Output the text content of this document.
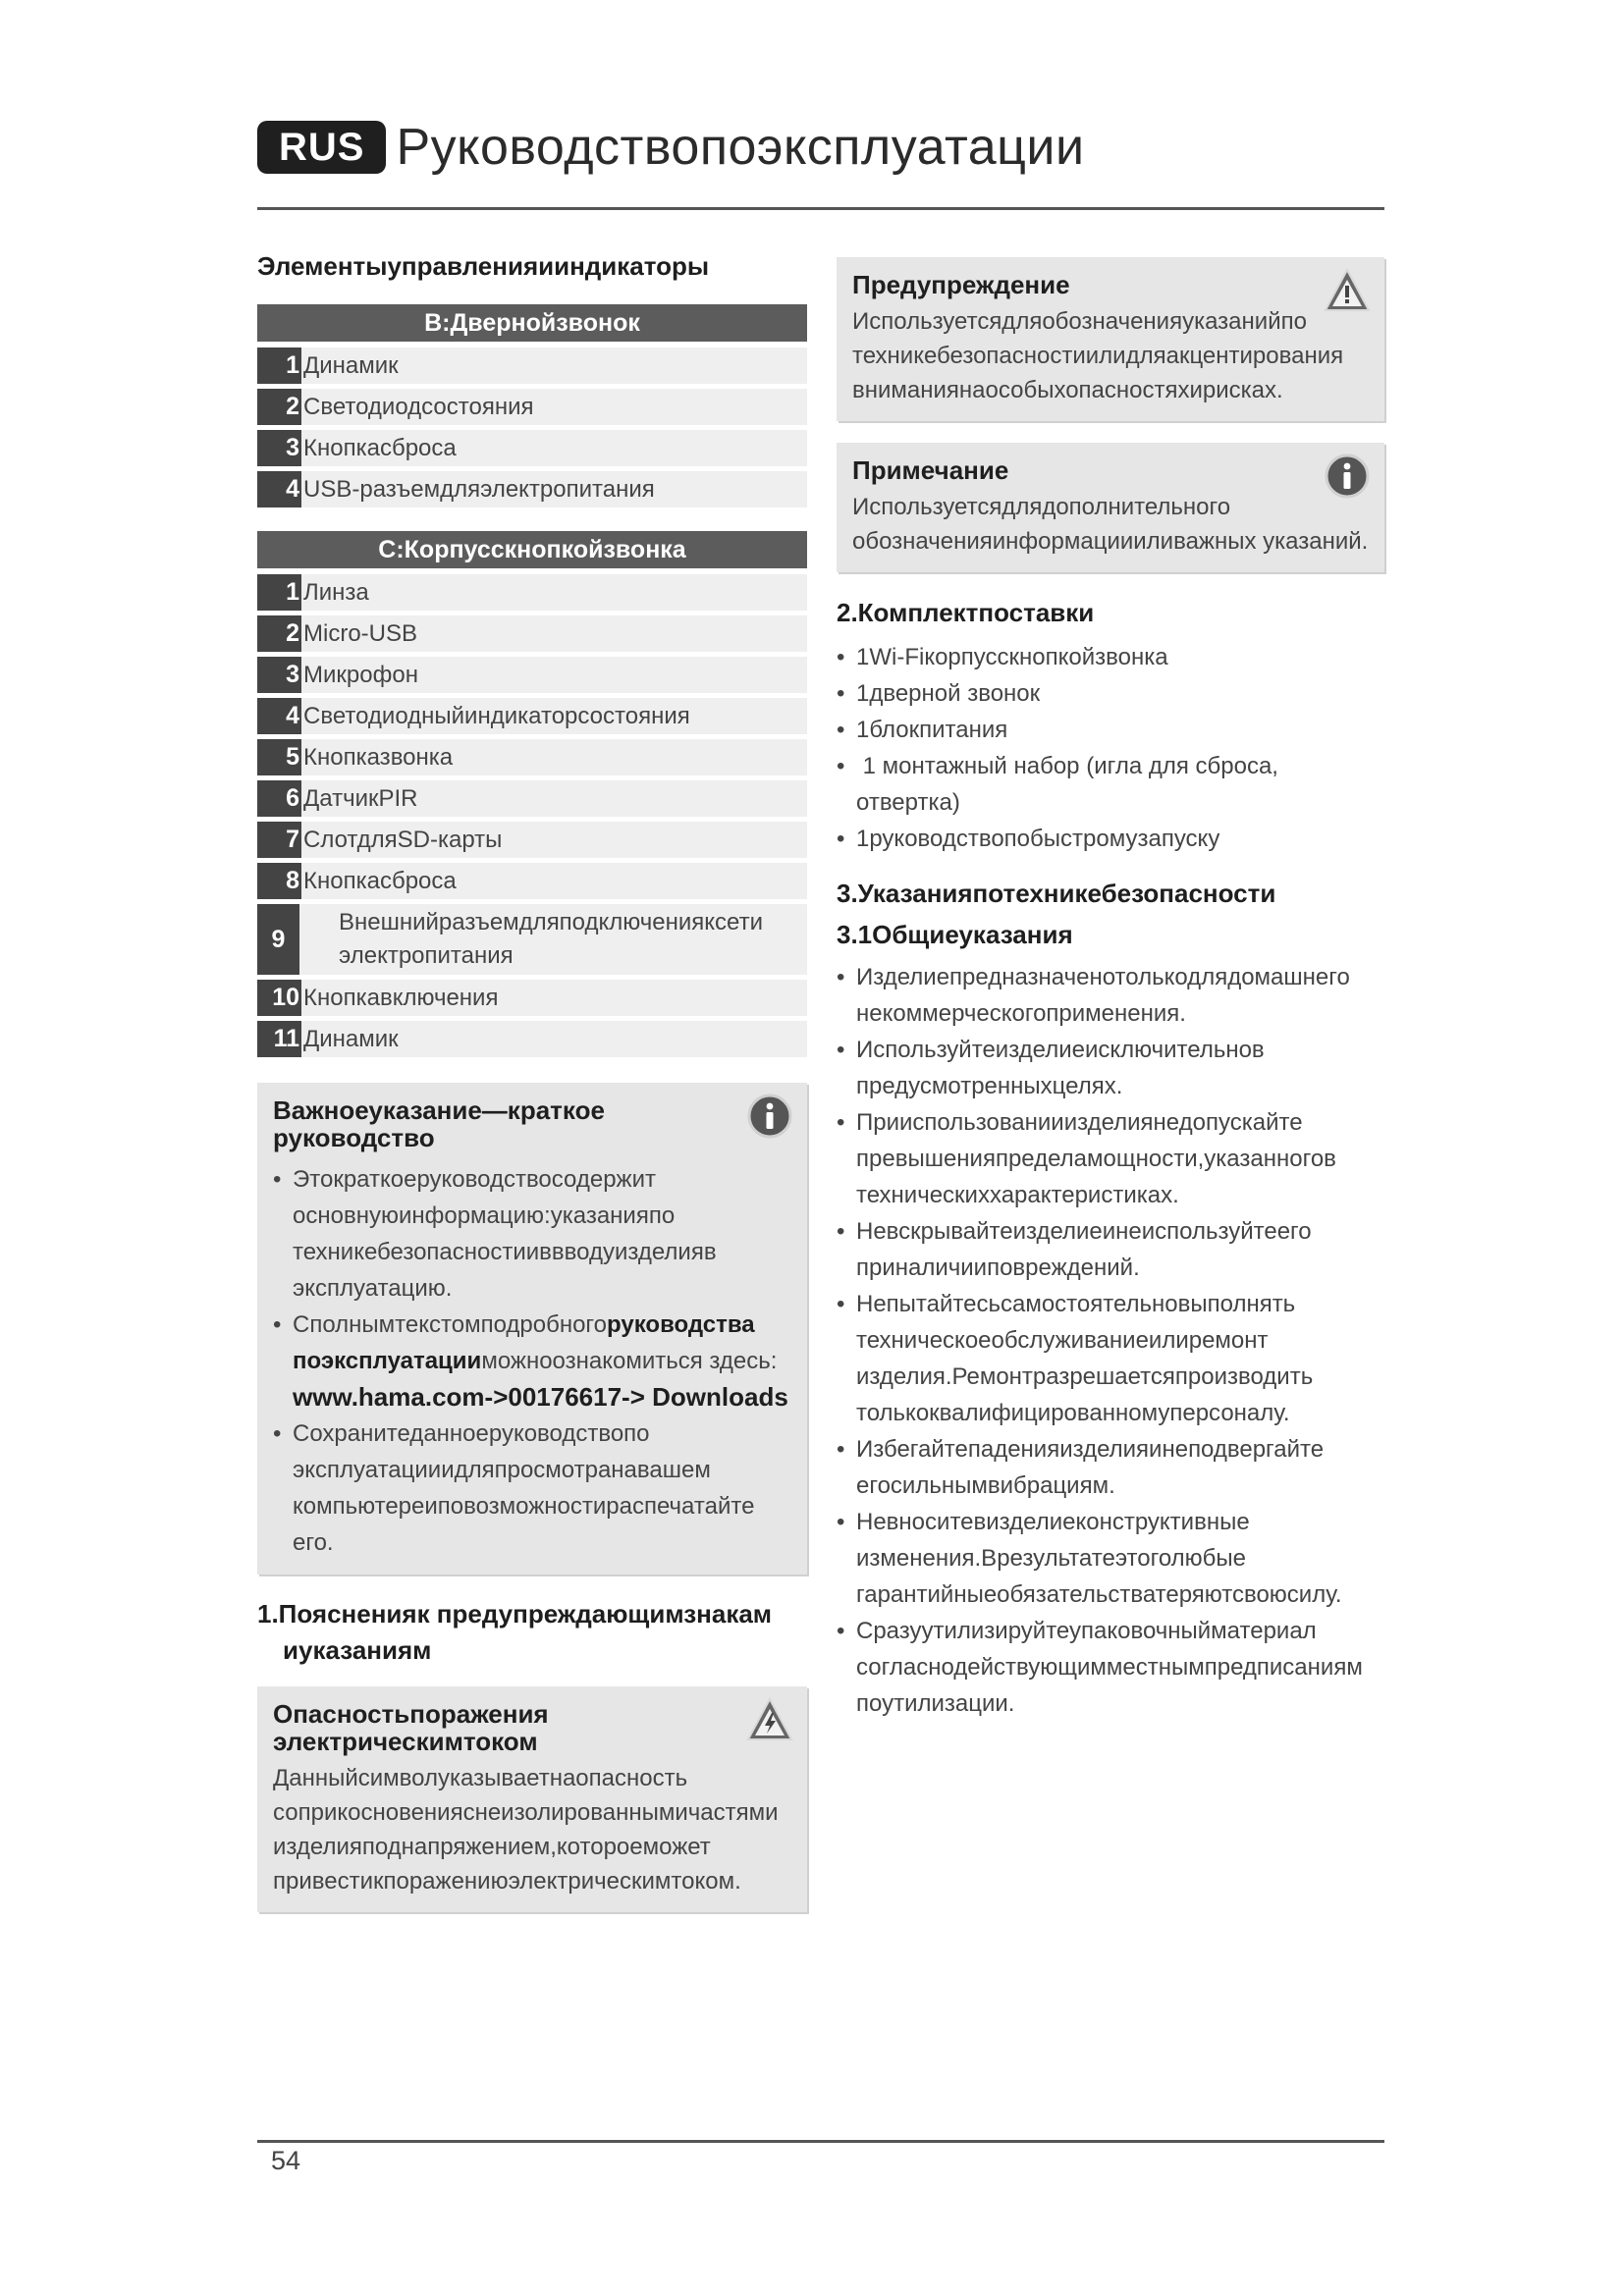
RUS Руководствопоэксплуатации
Элементыуправленияииндикаторы
B:Двернойзвонок
1 Динамик
2 Светодиодсостояния
3 Кнопкасброса
4 USB-разъемдляэлектропитания
C:Корпусскнопкойзвонка
1 Линза
2 Micro-USB
3 Микрофон
4 Светодиодныйиндикаторсостояния
5 Кнопказвонка
6 ДатчикPIR
7 СлотдляSD-карты
8 Кнопкасброса
9
Внешнийразъемдляподключенияксети электропитания
10 Кнопкавключения
11 Динамик
Важноеуказание—краткое руководство
• Этократкоеруководствосодержит основнуюинформацию:указанияпо техникебезопасностииввводуизделияв эксплуатацию.
• Сполнымтекстомподробногоруководства поэксплуатацииможноознакомиться здесь:
www.hama.com->00176617-> Downloads
• Сохранитеданноеруководствопо эксплуатацииидляпросмотранавашем компьютереиповозможностираспечатайте его.
1.Поясненияк предупреждающимзнакам иуказаниям
Опасностьпоражения электрическимтоком
Данныйсимволуказываетнаопасность соприкосновенияснеизолированнымичастями изделияподнапряжением,котороеможет привестикпоражениюэлектрическимтоком.
Предупреждение
Используетсядляобозначенияуказанийпо техникебезопасностиилидляакцентирования вниманиянаособыхопасностяхирисках.
Примечание
Используетсядлядополнительного обозначенияинформациииливажных указаний.
2.Комплектпоставки
• 1Wi-Fiкорпусскнопкойзвонка
• 1дверной звонок
• 1блокпитания
• 1 монтажный набор (игла для сброса, отвертка)
• 1руководствопобыстромузапуску
3.Указанияпотехникебезопасности
3.1Общиеуказания
• Изделиепредназначенотолькодлядомашнего некоммерческогоприменения.
• Используйтеизделиеисключительнов предусмотренныхцелях.
• Прииспользованииизделиянедопускайте превышенияпределамощности,указанногов техническиххарактеристиках.
• Невскрывайтеизделиеинеиспользуйтеего приналичииповреждений.
• Непытайтесьсамостоятельновыполнять техническоеобслуживаниеилиремонт изделия.Ремонтразрешаетсяпроизводить толькоквалифицированномуперсоналу.
• Избегайтепаденияизделияинеподвергайте егосильнымвибрациям.
• Невноситевизделиеконструктивные изменения.Врезультатеэтоголюбые гарантийныеобязательстватеряютсвоюсилу.
• Сразуутилизируйтеупаковочныйматериал согласнодействующимместнымпредписаниям поутилизации.
54
